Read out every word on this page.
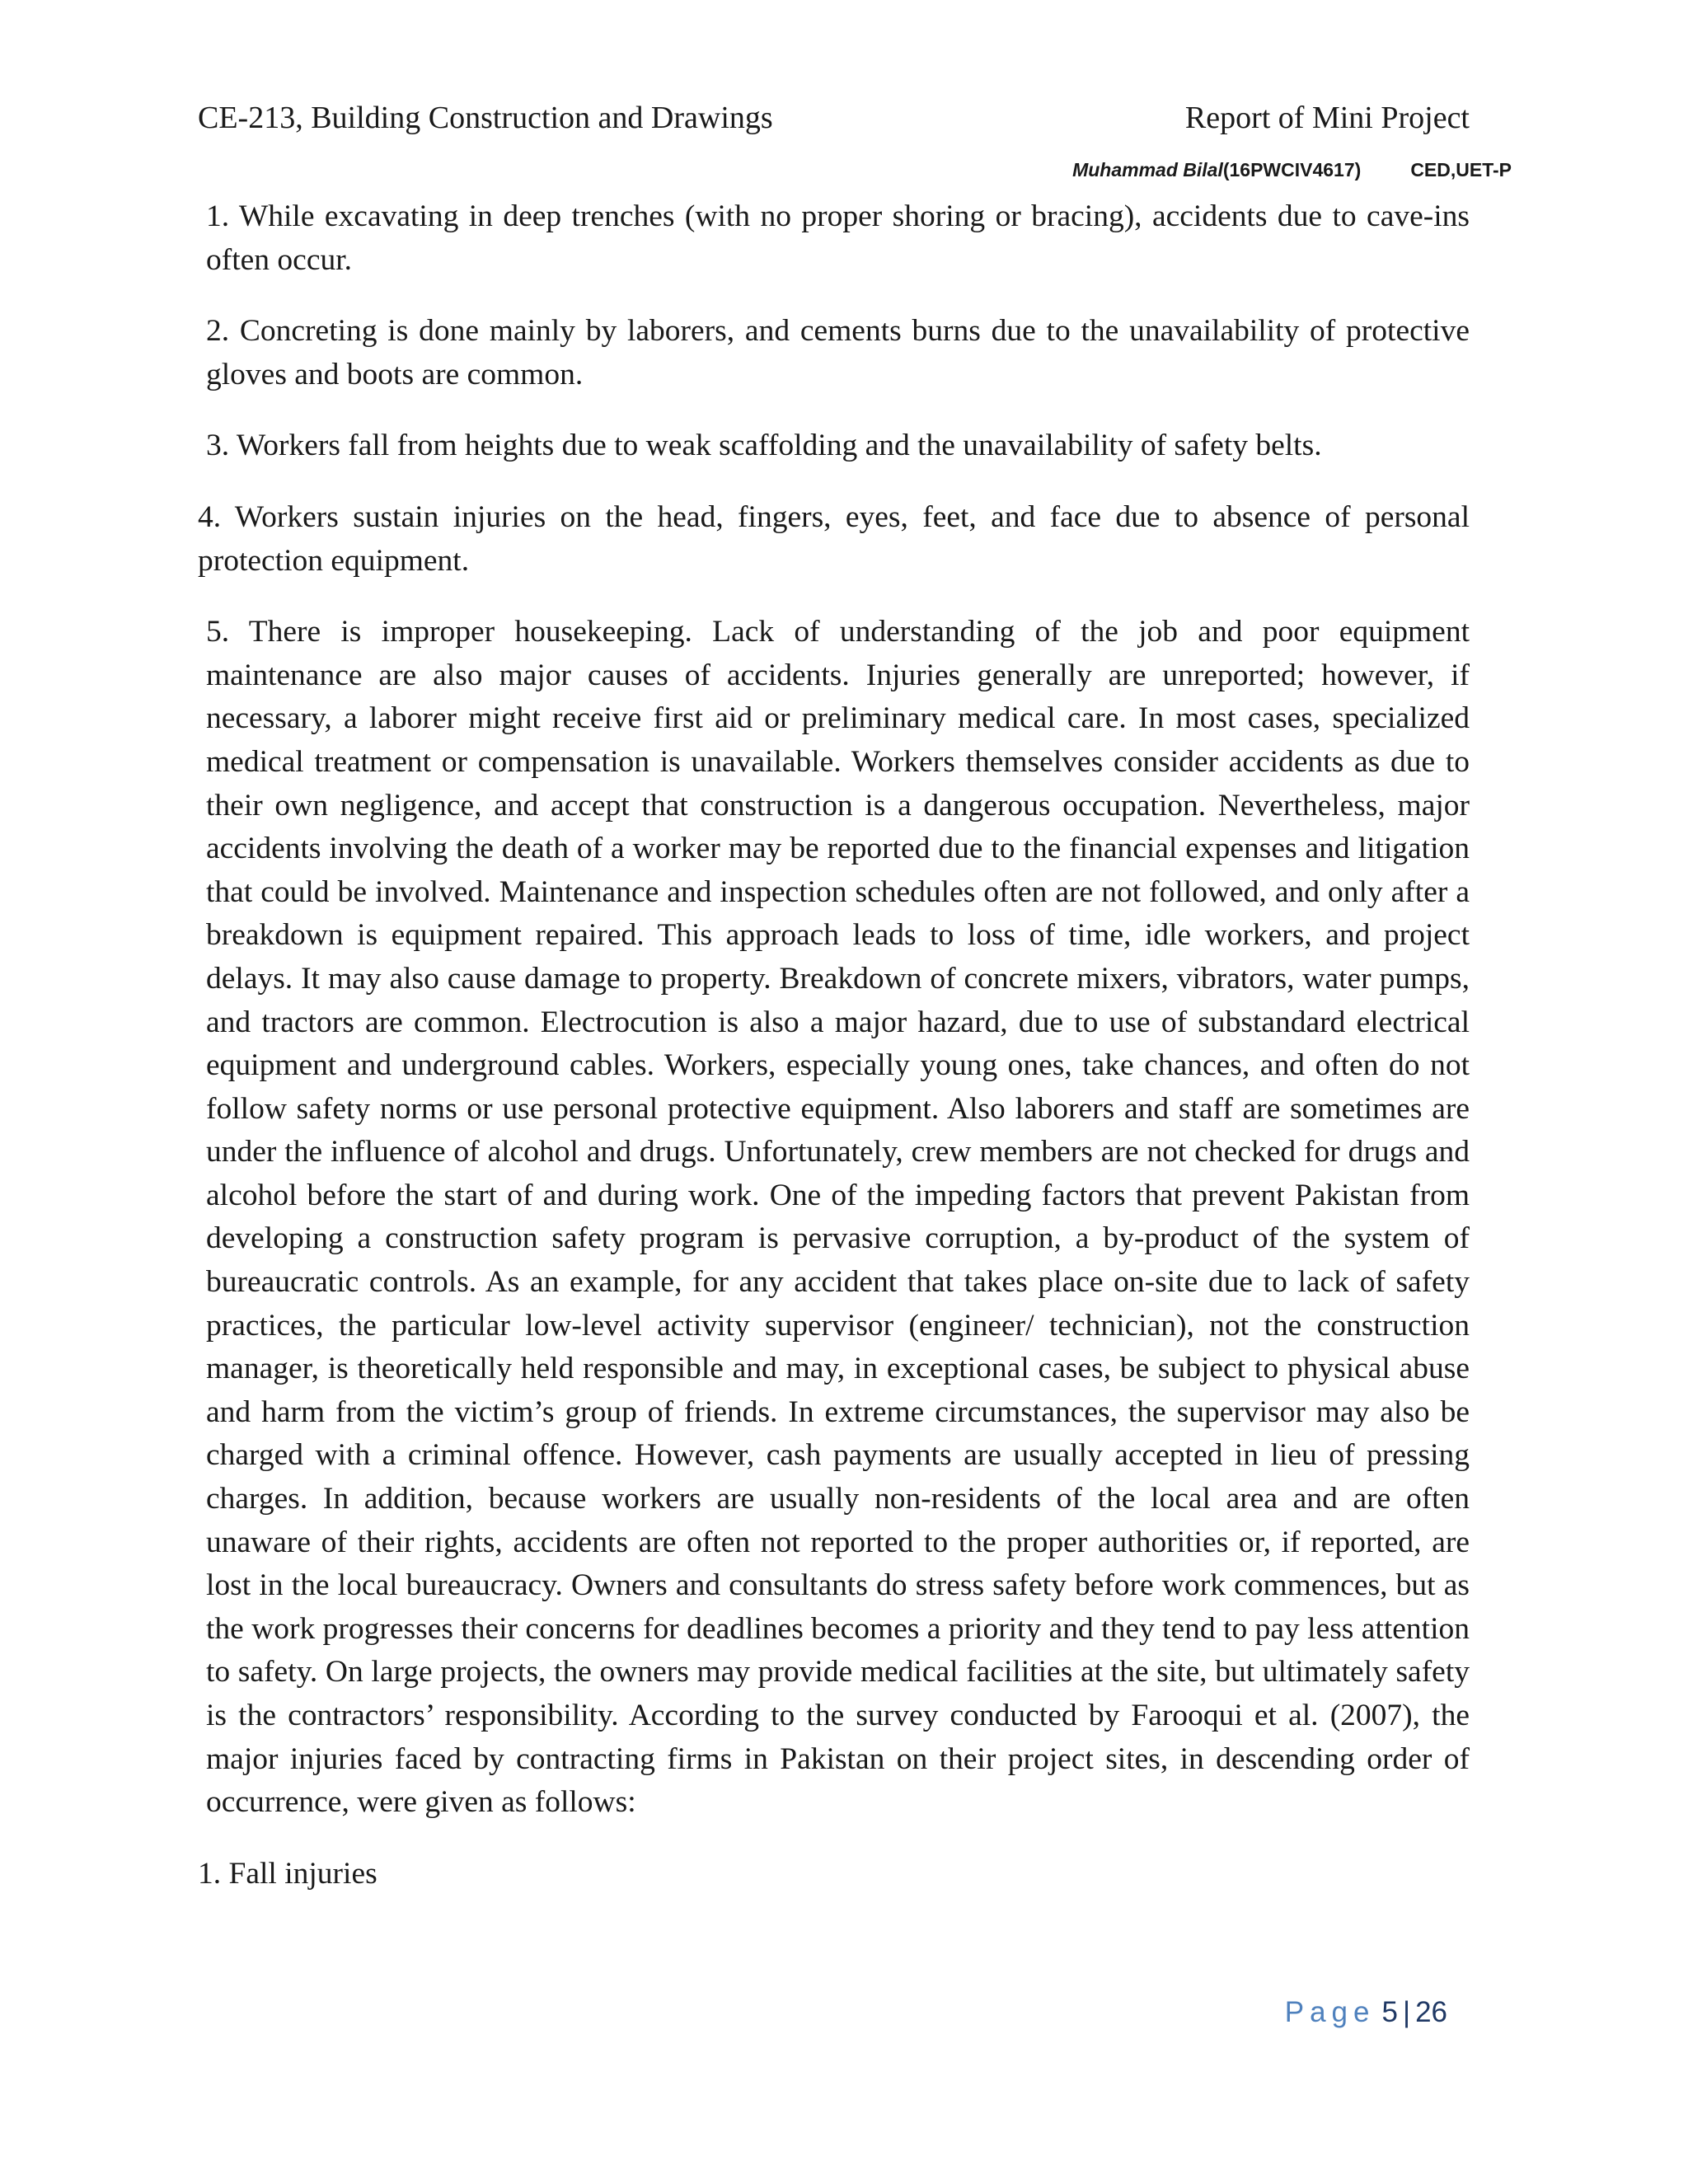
CE-213, Building Construction and Drawings	Report of Mini Project
Muhammad Bilal(16PWCIV4617)	CED,UET-P

1. While excavating in deep trenches (with no proper shoring or bracing), accidents due to cave-ins often occur.

2. Concreting is done mainly by laborers, and cements burns due to the unavailability of protective gloves and boots are common.

3. Workers fall from heights due to weak scaffolding and the unavailability of safety belts.

4. Workers sustain injuries on the head, fingers, eyes, feet, and face due to absence of personal protection equipment.

5. There is improper housekeeping. Lack of understanding of the job and poor equipment maintenance are also major causes of accidents. Injuries generally are unreported; however, if necessary, a laborer might receive first aid or preliminary medical care. In most cases, specialized medical treatment or compensation is unavailable. Workers themselves consider accidents as due to their own negligence, and accept that construction is a dangerous occupation. Nevertheless, major accidents involving the death of a worker may be reported due to the financial expenses and litigation that could be involved. Maintenance and inspection schedules often are not followed, and only after a breakdown is equipment repaired. This approach leads to loss of time, idle workers, and project delays. It may also cause damage to property. Breakdown of concrete mixers, vibrators, water pumps, and tractors are common. Electrocution is also a major hazard, due to use of substandard electrical equipment and underground cables. Workers, especially young ones, take chances, and often do not follow safety norms or use personal protective equipment. Also laborers and staff are sometimes are under the influence of alcohol and drugs. Unfortunately, crew members are not checked for drugs and alcohol before the start of and during work. One of the impeding factors that prevent Pakistan from developing a construction safety program is pervasive corruption, a by-product of the system of bureaucratic controls. As an example, for any accident that takes place on-site due to lack of safety practices, the particular low-level activity supervisor (engineer/ technician), not the construction manager, is theoretically held responsible and may, in exceptional cases, be subject to physical abuse and harm from the victim’s group of friends. In extreme circumstances, the supervisor may also be charged with a criminal offence. However, cash payments are usually accepted in lieu of pressing charges. In addition, because workers are usually non-residents of the local area and are often unaware of their rights, accidents are often not reported to the proper authorities or, if reported, are lost in the local bureaucracy. Owners and consultants do stress safety before work commences, but as the work progresses their concerns for deadlines becomes a priority and they tend to pay less attention to safety. On large projects, the owners may provide medical facilities at the site, but ultimately safety is the contractors’ responsibility. According to the survey conducted by Farooqui et al. (2007), the major injuries faced by contracting firms in Pakistan on their project sites, in descending order of occurrence, were given as follows:

1. Fall injuries

Page 5 | 26
